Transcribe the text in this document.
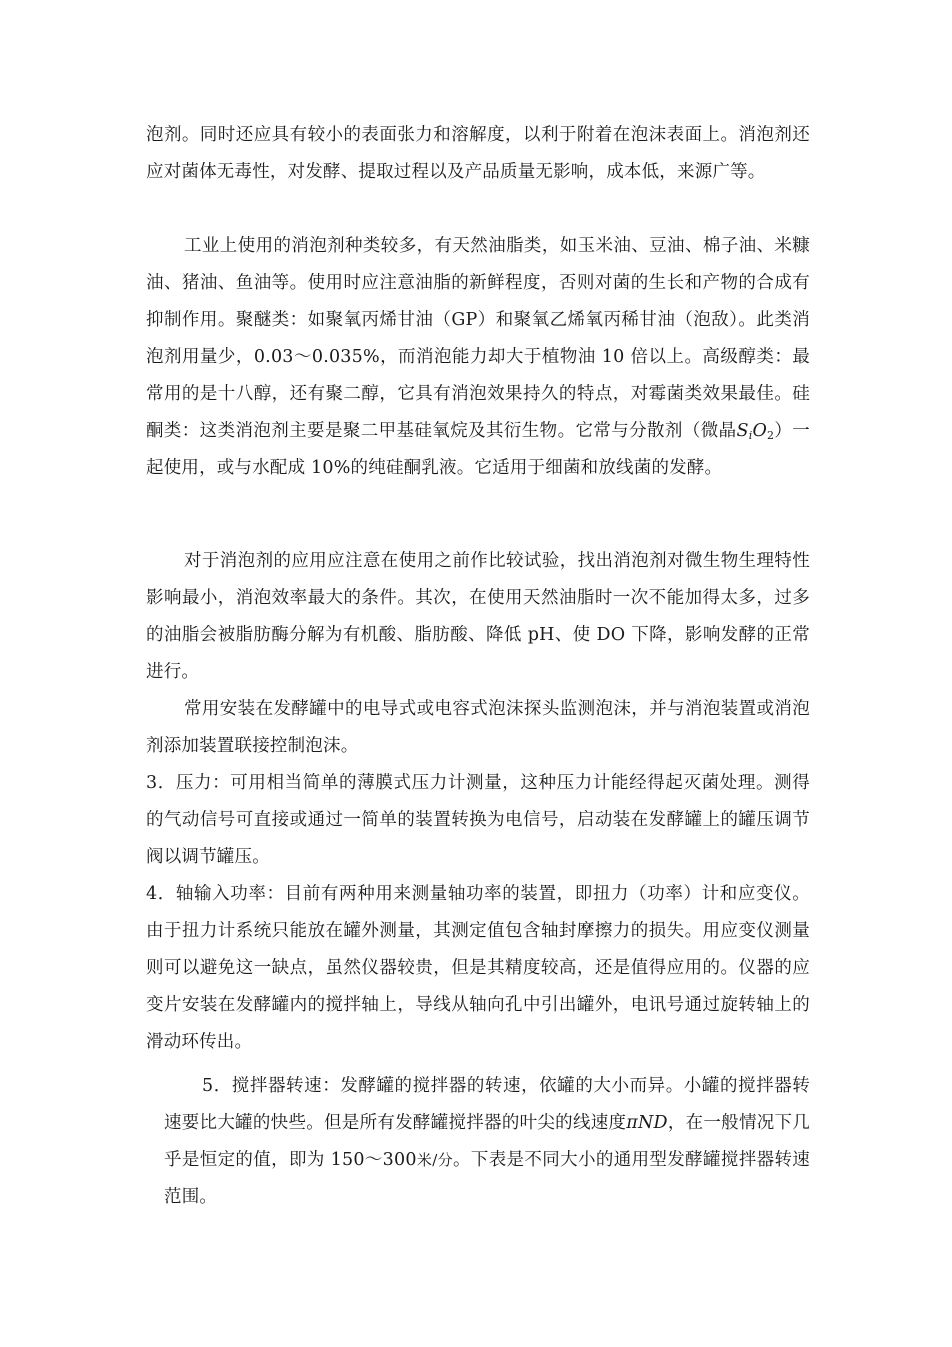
泡剂。同时还应具有较小的表面张力和溶解度，以利于附着在泡沫表面上。消泡剂还应对菌体无毒性，对发酵、提取过程以及产品质量无影响，成本低，来源广等。

工业上使用的消泡剂种类较多，有天然油脂类，如玉米油、豆油、棉子油、米糠油、猪油、鱼油等。使用时应注意油脂的新鲜程度，否则对菌的生长和产物的合成有抑制作用。聚醚类：如聚氧丙烯甘油（GP）和聚氧乙烯氧丙稀甘油（泡敌）。此类消泡剂用量少，0.03～0.035%，而消泡能力却大于植物油 10 倍以上。高级醇类：最常用的是十八醇，还有聚二醇，它具有消泡效果持久的特点，对霉菌类效果最佳。硅酮类：这类消泡剂主要是聚二甲基硅氧烷及其衍生物。它常与分散剂（微晶$S_iO_2$）一起使用，或与水配成 10%的纯硅酮乳液。它适用于细菌和放线菌的发酵。

对于消泡剂的应用应注意在使用之前作比较试验，找出消泡剂对微生物生理特性影响最小，消泡效率最大的条件。其次，在使用天然油脂时一次不能加得太多，过多的油脂会被脂肪酶分解为有机酸、脂肪酸、降低 pH、使 DO 下降，影响发酵的正常进行。

常用安装在发酵罐中的电导式或电容式泡沫探头监测泡沫，并与消泡装置或消泡剂添加装置联接控制泡沫。

3．压力：可用相当简单的薄膜式压力计测量，这种压力计能经得起灭菌处理。测得的气动信号可直接或通过一简单的装置转换为电信号，启动装在发酵罐上的罐压调节阀以调节罐压。

4．轴输入功率：目前有两种用来测量轴功率的装置，即扭力（功率）计和应变仪。由于扭力计系统只能放在罐外测量，其测定值包含轴封摩擦力的损失。用应变仪测量则可以避免这一缺点，虽然仪器较贵，但是其精度较高，还是值得应用的。仪器的应变片安装在发酵罐内的搅拌轴上，导线从轴向孔中引出罐外，电讯号通过旋转轴上的滑动环传出。

5．搅拌器转速：发酵罐的搅拌器的转速，依罐的大小而异。小罐的搅拌器转速要比大罐的快些。但是所有发酵罐搅拌器的叶尖的线速度πND，在一般情况下几乎是恒定的值，即为 150～300米/分。下表是不同大小的通用型发酵罐搅拌器转速范围。
